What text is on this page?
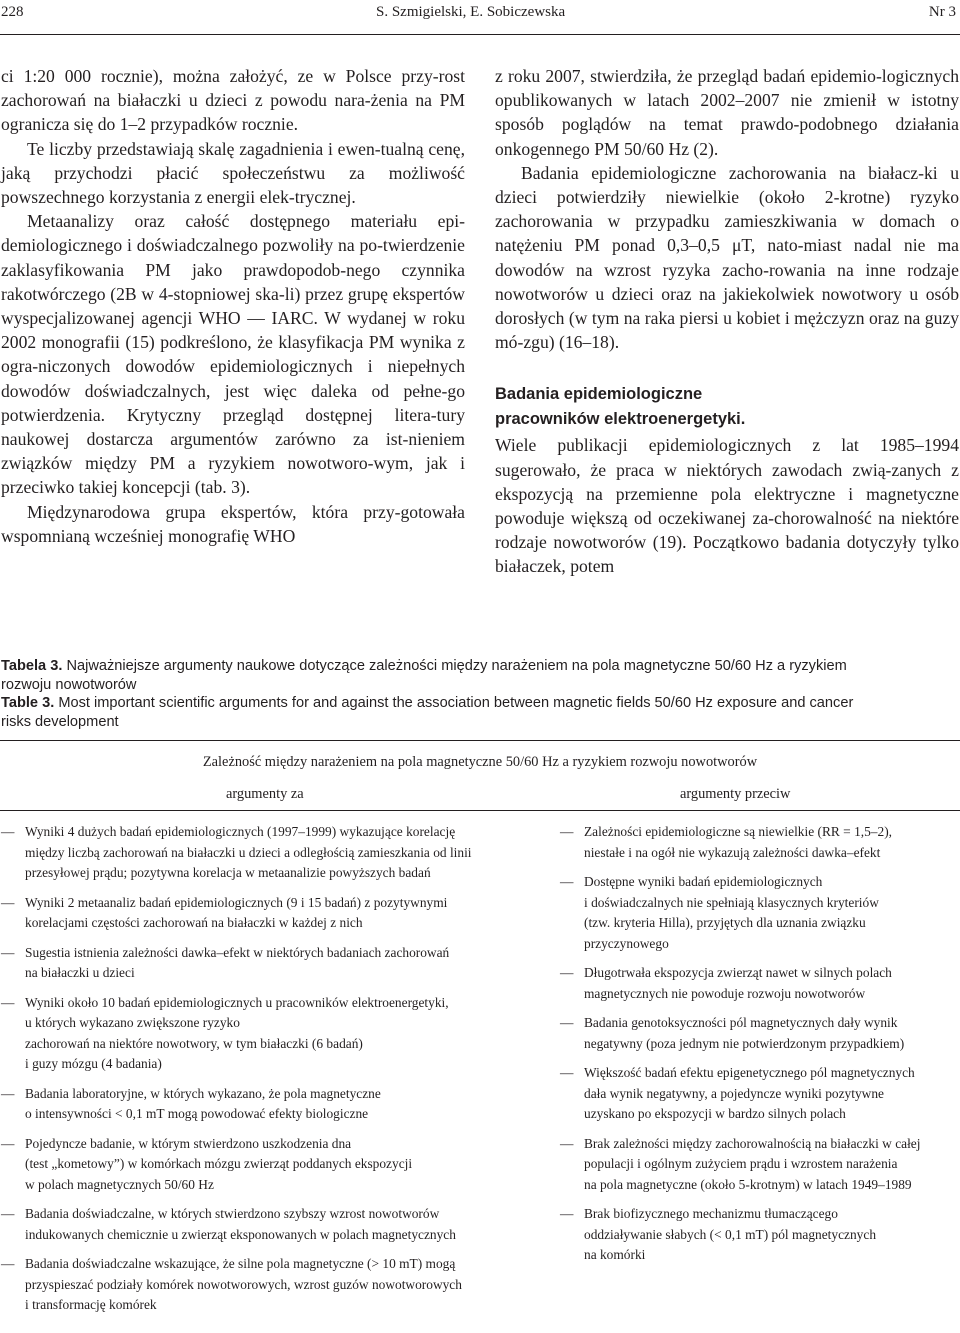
228	S. Szmigielski, E. Sobiczewska	Nr 3

ci 1:20 000 rocznie), można założyć, ze w Polsce przy-rost zachorowań na białaczki u dzieci z powodu nara-żenia na PM ogranicza się do 1–2 przypadków rocznie.

Te liczby przedstawiają skalę zagadnienia i ewen-tualną cenę, jaką przychodzi płacić społeczeństwu za możliwość powszechnego korzystania z energii elek-trycznej.

Metaanalizy oraz całość dostępnego materiału epi-demiologicznego i doświadczalnego pozwoliły na po-twierdzenie zaklasyfikowania PM jako prawdopodob-nego czynnika rakotwórczego (2B w 4-stopniowej ska-li) przez grupę ekspertów wyspecjalizowanej agencji WHO — IARC. W wydanej w roku 2002 monografii (15) podkreślono, że klasyfikacja PM wynika z ogra-niczonych dowodów epidemiologicznych i niepełnych dowodów doświadczalnych, jest więc daleka od pełne-go potwierdzenia. Krytyczny przegląd dostępnej litera-tury naukowej dostarcza argumentów zarówno za ist-nieniem związków między PM a ryzykiem nowotworo-wym, jak i przeciwko takiej koncepcji (tab. 3).

Międzynarodowa grupa ekspertów, która przy-gotowała wspomnianą wcześniej monografię WHO

z roku 2007, stwierdziła, że przegląd badań epidemio-logicznych opublikowanych w latach 2002–2007 nie zmienił w istotny sposób poglądów na temat prawdo-podobnego działania onkogennego PM 50/60 Hz (2).

Badania epidemiologiczne zachorowania na białacz-ki u dzieci potwierdziły niewielkie (około 2-krotne) ryzyko zachorowania w przypadku zamieszkiwania w domach o natężeniu PM ponad 0,3–0,5 μT, nato-miast nadal nie ma dowodów na wzrost ryzyka zacho-rowania na inne rodzaje nowotworów u dzieci oraz na jakiekolwiek nowotwory u osób dorosłych (w tym na raka piersi u kobiet i mężczyzn oraz na guzy mó-zgu) (16–18).

Badania epidemiologiczne
pracowników elektroenergetyki.

Wiele publikacji epidemiologicznych z lat 1985–1994 sugerowało, że praca w niektórych zawodach zwią-zanych z ekspozycją na przemienne pola elektryczne i magnetyczne powoduje większą od oczekiwanej za-chorowalność na niektóre rodzaje nowotworów (19). Początkowo badania dotyczyły tylko białaczek, potem

Tabela 3. Najważniejsze argumenty naukowe dotyczące zależności między narażeniem na pola magnetyczne 50/60 Hz a ryzykiem rozwoju nowotworów

Table 3. Most important scientific arguments for and against the association between magnetic fields 50/60 Hz exposure and cancer risks development

Zależność między narażeniem na pola magnetyczne 50/60 Hz a ryzykiem rozwoju nowotworów
argumenty za	argumenty przeciw
— Wyniki 4 dużych badań epidemiologicznych (1997–1999) wykazujące korelację
między liczbą zachorowań na białaczki u dzieci a odległością zamieszkania od linii
przesyłowej prądu; pozytywna korelacja w metaanalizie powyższych badań
— Wyniki 2 metaanaliz badań epidemiologicznych (9 i 15 badań) z pozytywnymi
korelacjami częstości zachorowań na białaczki w każdej z nich
— Sugestia istnienia zależności dawka–efekt w niektórych badaniach zachorowań
na białaczki u dzieci
— Wyniki około 10 badań epidemiologicznych u pracowników elektroenergetyki,
u których wykazano zwiększone ryzyko
zachorowań na niektóre nowotwory, w tym białaczki (6 badań)
i guzy mózgu (4 badania)
— Badania laboratoryjne, w których wykazano, że pola magnetyczne
o intensywności < 0,1 mT mogą powodować efekty biologiczne
— Pojedyncze badanie, w którym stwierdzono uszkodzenia dna
(test „kometowy”) w komórkach mózgu zwierząt poddanych ekspozycji
w polach magnetycznych 50/60 Hz
— Badania doświadczalne, w których stwierdzono szybszy wzrost nowotworów
indukowanych chemicznie u zwierząt eksponowanych w polach magnetycznych
— Badania doświadczalne wskazujące, że silne pola magnetyczne (> 10 mT) mogą
przyspieszać podziały komórek nowotworowych, wzrost guzów nowotworowych
i transformację komórek
— Zależności epidemiologiczne są niewielkie (RR = 1,5–2),
niestałe i na ogół nie wykazują zależności dawka–efekt
— Dostępne wyniki badań epidemiologicznych
i doświadczalnych nie spełniają klasycznych kryteriów
(tzw. kryteria Hilla), przyjętych dla uznania związku
przyczynowego
— Długotrwała ekspozycja zwierząt nawet w silnych polach
magnetycznych nie powoduje rozwoju nowotworów
— Badania genotoksyczności pól magnetycznych dały wynik
negatywny (poza jednym nie potwierdzonym przypadkiem)
— Większość badań efektu epigenetycznego pól magnetycznych
dała wynik negatywny, a pojedyncze wyniki pozytywne
uzyskano po ekspozycji w bardzo silnych polach
— Brak zależności między zachorowalnością na białaczki w całej
populacji i ogólnym zużyciem prądu i wzrostem narażenia
na pola magnetyczne (około 5-krotnym) w latach 1949–1989
— Brak biofizycznego mechanizmu tłumaczącego
oddziaływanie słabych (< 0,1 mT) pól magnetycznych
na komórki
